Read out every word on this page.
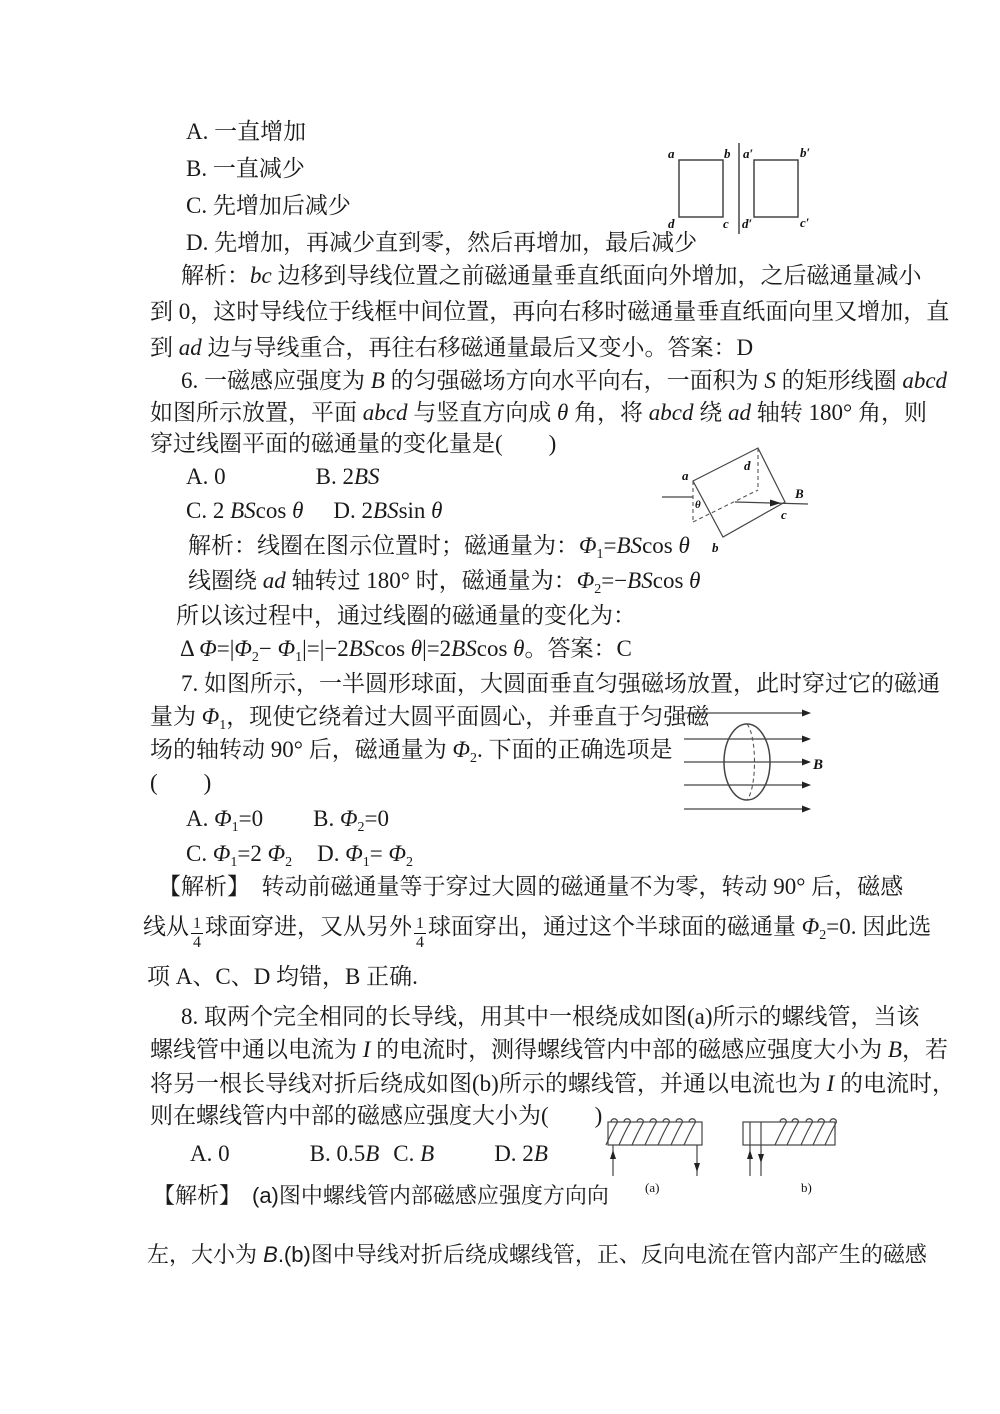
A. 一直增加
B. 一直减少
C. 先增加后减少
D. 先增加，再减少直到零，然后再增加，最后减少
解析：bc 边移到导线位置之前磁通量垂直纸面向外增加，之后磁通量减小
到 0，这时导线位于线框中间位置，再向右移时磁通量垂直纸面向里又增加，直
到 ad 边与导线重合，再往右移磁通量最后又变小。答案：D
6. 一磁感应强度为 B 的匀强磁场方向水平向右，一面积为 S 的矩形线圈 abcd
如图所示放置，平面 abcd 与竖直方向成 θ 角，将 abcd 绕 ad 轴转 180° 角，则
穿过线圈平面的磁通量的变化量是(　　)
A. 0	B. 2BS
C. 2 BScos θ D. 2BSsin θ
解析：线圈在图示位置时；磁通量为：$\Phi_1=BScos$ θ
线圈绕 ad 轴转过 180° 时，磁通量为：$\Phi_2=-BScos$ θ
所以该过程中，通过线圈的磁通量的变化为：
Δ $\Phi=|\Phi_2- \Phi_1|=|-2BScos$ θ|=2BScos θ。答案：C
7. 如图所示，一半圆形球面，大圆面垂直匀强磁场放置，此时穿过它的磁通
量为 $\Phi_1$，现使它绕着过大圆平面圆心，并垂直于匀强磁
场的轴转动 90° 后，磁通量为 $\Phi_2$. 下面的正确选项是
(　　)
A. $\Phi_1=0$ B. $\Phi_2=0$
C. $\Phi_1=2$ $\Phi_2$ D. $\Phi_1= \Phi_2$
【解析】　转动前磁通量等于穿过大圆的磁通量不为零，转动 90° 后，磁感
线从 $\frac{1}{4}$ 球面穿进，又从另外 $\frac{1}{4}$ 球面穿出，通过这个半球面的磁通量 $\Phi_2=0$. 因此选
项 A、C、D 均错，B 正确.
8. 取两个完全相同的长导线，用其中一根绕成如图(a)所示的螺线管，当该
螺线管中通以电流为 I 的电流时，测得螺线管内中部的磁感应强度大小为 B，若
将另一根长导线对折后绕成如图(b)所示的螺线管，并通以电流也为 I 的电流时，
则在螺线管内中部的磁感应强度大小为(　　)
A. 0	B. 0.5B C. B	D. 2B
【解析】　(a)图中螺线管内部磁感应强度方向向
左，大小为 B.(b)图中导线对折后绕成螺线管，正、反向电流在管内部产生的磁感
a	b
d	c
a′	b′
d′	c′
a
d
b
c
B
θ
B
(a)	b)
